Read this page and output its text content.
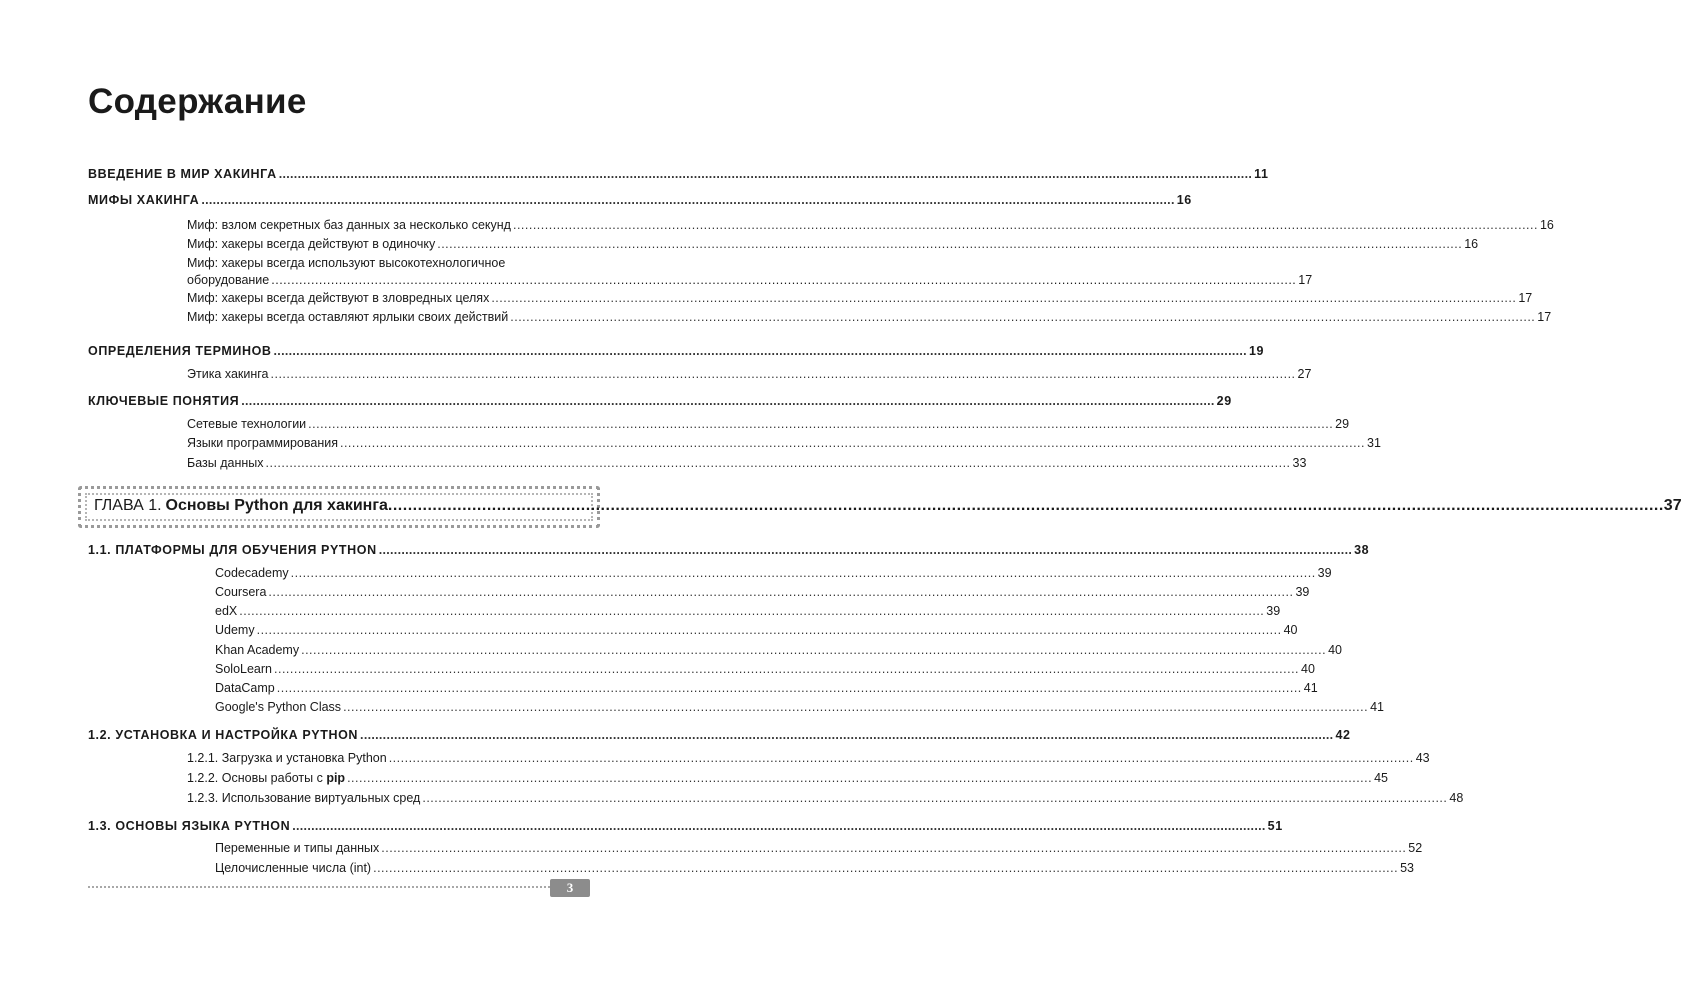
Содержание
ВВЕДЕНИЕ В МИР ХАКИНГА .................................................................................................................................................................................................................................................................. 11
МИФЫ ХАКИНГА .................................................................................................................................................................................................................................................................. 16
Миф: взлом секретных баз данных за несколько секунд .................................................................................................................................................................................................................................................................. 16
Миф: хакеры всегда действуют в одиночку .................................................................................................................................................................................................................................................................. 16
Миф: хакеры всегда используют высокотехнологичное
оборудование .................................................................................................................................................................................................................................................................. 17
Миф: хакеры всегда действуют в зловредных целях .................................................................................................................................................................................................................................................................. 17
Миф: хакеры всегда оставляют ярлыки своих действий .................................................................................................................................................................................................................................................................. 17
ОПРЕДЕЛЕНИЯ ТЕРМИНОВ .................................................................................................................................................................................................................................................................. 19
Этика хакинга .................................................................................................................................................................................................................................................................. 27
КЛЮЧЕВЫЕ ПОНЯТИЯ .................................................................................................................................................................................................................................................................. 29
Сетевые технологии .................................................................................................................................................................................................................................................................. 29
Языки программирования .................................................................................................................................................................................................................................................................. 31
Базы данных .................................................................................................................................................................................................................................................................. 33
ГЛАВА 1. Основы Python для хакинга .................................................................................................................................................................................................................................................................. 37
1.1. ПЛАТФОРМЫ ДЛЯ ОБУЧЕНИЯ PYTHON .................................................................................................................................................................................................................................................................. 38
Codecademy .................................................................................................................................................................................................................................................................. 39
Coursera .................................................................................................................................................................................................................................................................. 39
edX .................................................................................................................................................................................................................................................................. 39
Udemy .................................................................................................................................................................................................................................................................. 40
Khan Academy .................................................................................................................................................................................................................................................................. 40
SoloLearn .................................................................................................................................................................................................................................................................. 40
DataCamp .................................................................................................................................................................................................................................................................. 41
Google's Python Class .................................................................................................................................................................................................................................................................. 41
1.2. УСТАНОВКА И НАСТРОЙКА PYTHON .................................................................................................................................................................................................................................................................. 42
1.2.1. Загрузка и установка Python .................................................................................................................................................................................................................................................................. 43
1.2.2. Основы работы с pip .................................................................................................................................................................................................................................................................. 45
1.2.3. Использование виртуальных сред .................................................................................................................................................................................................................................................................. 48
1.3. ОСНОВЫ ЯЗЫКА PYTHON .................................................................................................................................................................................................................................................................. 51
Переменные и типы данных .................................................................................................................................................................................................................................................................. 52
Целочисленные числа (int) .................................................................................................................................................................................................................................................................. 53
3
